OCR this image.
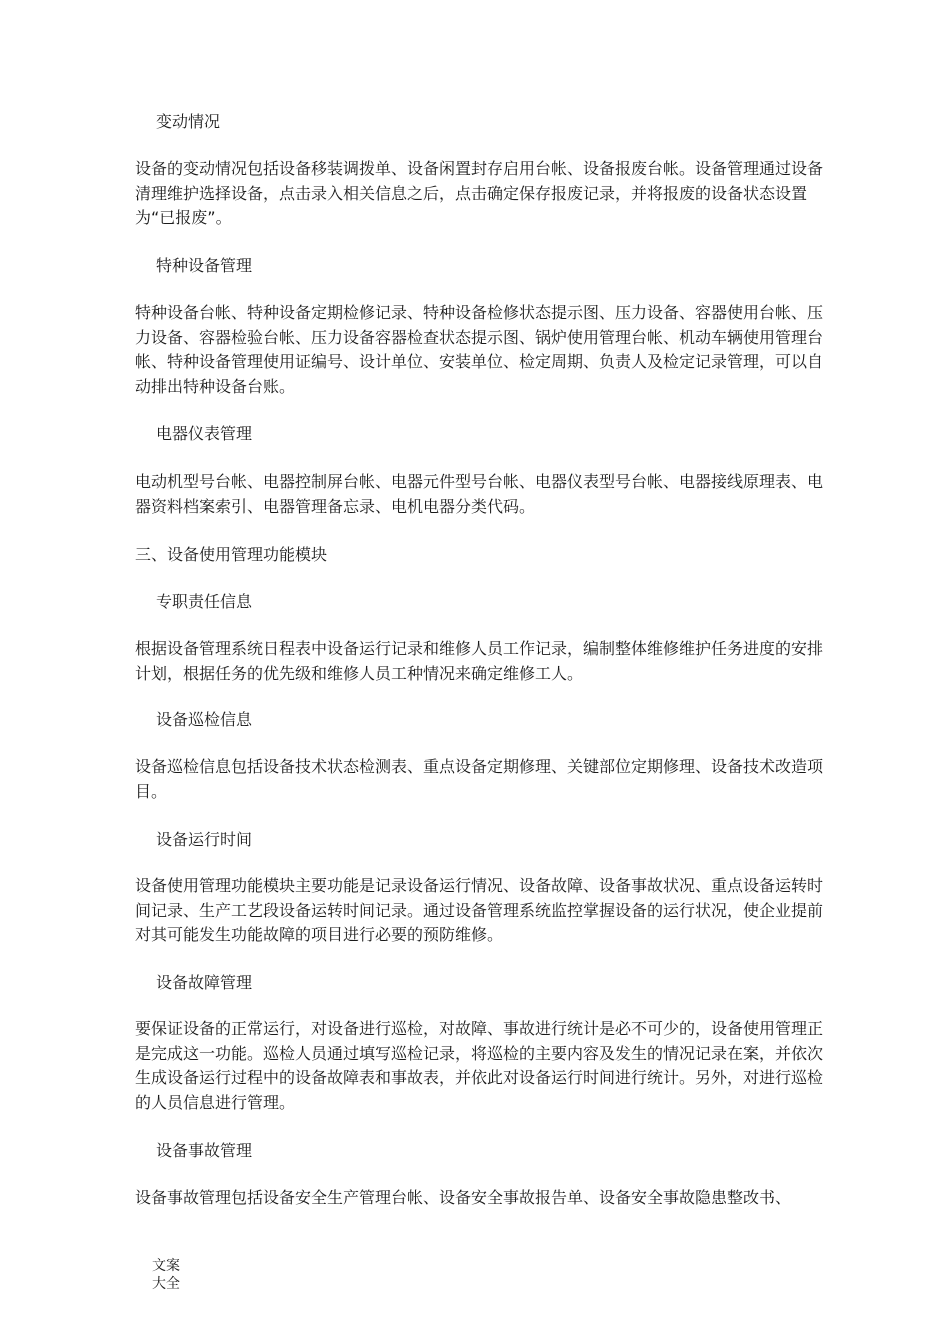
变动情况

设备的变动情况包括设备移装调拨单、设备闲置封存启用台帐、设备报废台帐。设备管理通过设备清理维护选择设备，点击录入相关信息之后，点击确定保存报废记录，并将报废的设备状态设置为“已报废”。

特种设备管理

特种设备台帐、特种设备定期检修记录、特种设备检修状态提示图、压力设备、容器使用台帐、压力设备、容器检验台帐、压力设备容器检查状态提示图、锅炉使用管理台帐、机动车辆使用管理台帐、特种设备管理使用证编号、设计单位、安装单位、检定周期、负责人及检定记录管理，可以自动排出特种设备台账。

电器仪表管理

电动机型号台帐、电器控制屏台帐、电器元件型号台帐、电器仪表型号台帐、电器接线原理表、电器资料档案索引、电器管理备忘录、电机电器分类代码。

三、设备使用管理功能模块

专职责任信息

根据设备管理系统日程表中设备运行记录和维修人员工作记录，编制整体维修维护任务进度的安排计划，根据任务的优先级和维修人员工种情况来确定维修工人。

设备巡检信息

设备巡检信息包括设备技术状态检测表、重点设备定期修理、关键部位定期修理、设备技术改造项目。

设备运行时间

设备使用管理功能模块主要功能是记录设备运行情况、设备故障、设备事故状况、重点设备运转时间记录、生产工艺段设备运转时间记录。通过设备管理系统监控掌握设备的运行状况，使企业提前对其可能发生功能故障的项目进行必要的预防维修。

设备故障管理

要保证设备的正常运行，对设备进行巡检，对故障、事故进行统计是必不可少的，设备使用管理正是完成这一功能。巡检人员通过填写巡检记录，将巡检的主要内容及发生的情况记录在案，并依次生成设备运行过程中的设备故障表和事故表，并依此对设备运行时间进行统计。另外，对进行巡检的人员信息进行管理。

设备事故管理

设备事故管理包括设备安全生产管理台帐、设备安全事故报告单、设备安全事故隐患整改书、

文案
大全
